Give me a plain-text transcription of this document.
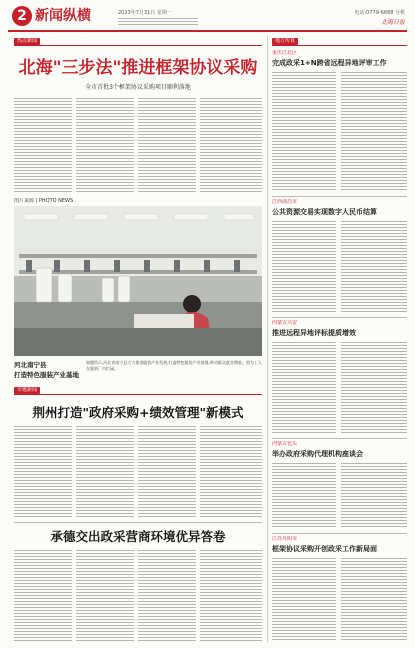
2 新闻纵横	2023年7月31日 星期一	电话:0779-6688 分机
北海日报
热点新闻
北海"三步法"推进框架协议采购
全市首批3个框架协议采购项目顺利落地
图片来源 | PHOTO NEWS
河北南宁县
打造特色服装产业基地
如题所示,河北省南宁县大力推进服装产业发展,打造特色服装产业基地,带动群众就业增收。图为工人在服装厂内忙碌。
专题新闻
荆州打造"政府采购+绩效管理"新模式
承德交出政采营商环境优异答卷
地方传真
重庆江北区
完成政采1+N跨省远程异地评审工作
江西南昌市
公共资源交易实现数字人民币结算
内蒙古兴安
推进远程异地评标提质增效
内蒙古包头
举办政府采购代理机构座谈会
江苏丹阳市
框架协议采购开创政采工作新局面
